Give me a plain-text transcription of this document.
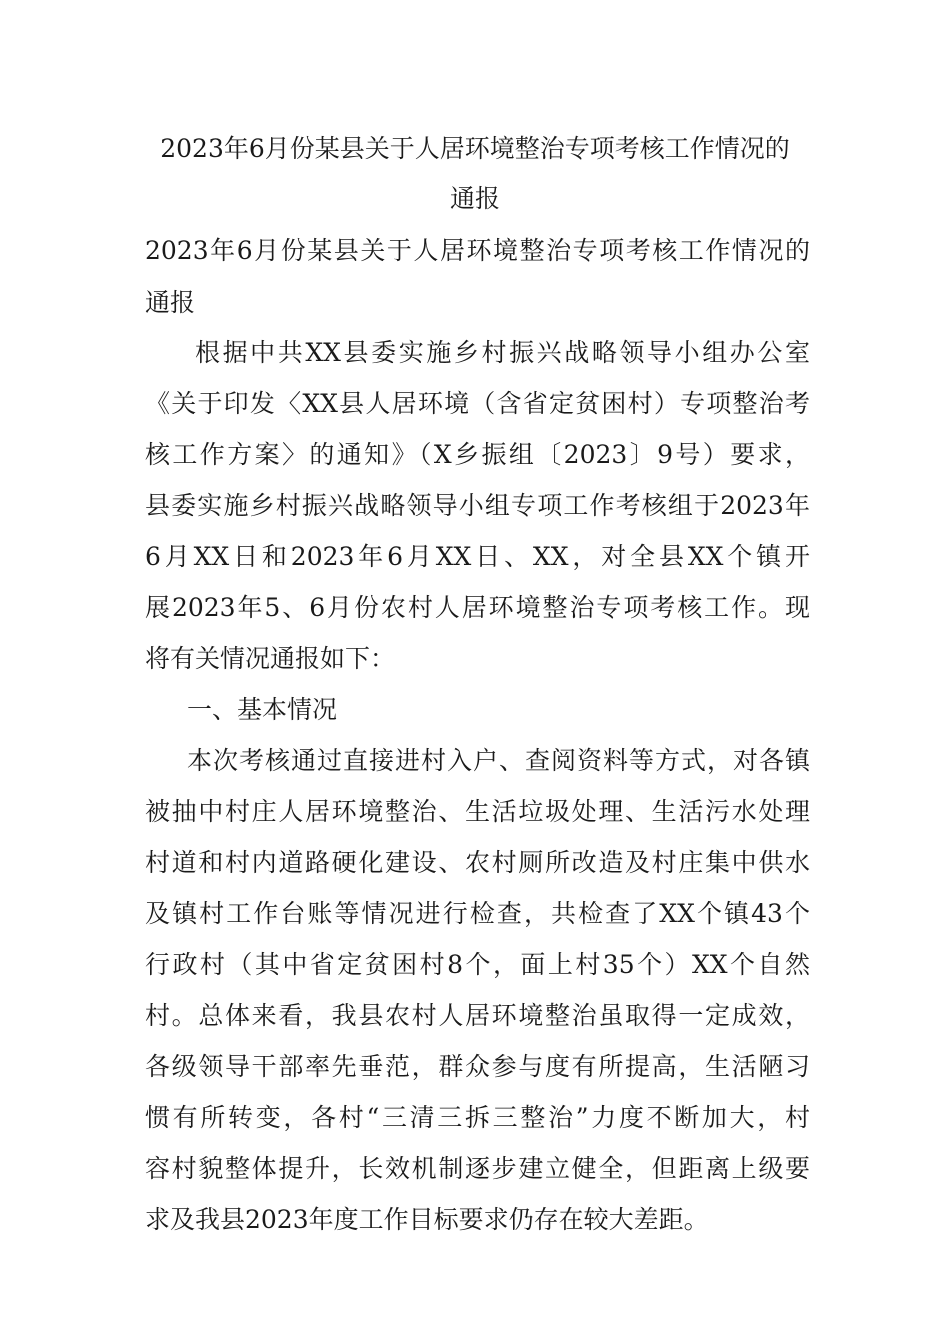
2023年6月份某县关于人居环境整治专项考核工作情况的
通报
2023年6月份某县关于人居环境整治专项考核工作情况的
通报
根据中共XX县委实施乡村振兴战略领导小组办公室
《关于印发〈XX县人居环境（含省定贫困村）专项整治考
核工作方案〉的通知》（X乡振组〔2023〕9号）要求，
县委实施乡村振兴战略领导小组专项工作考核组于2023年
6月XX日和2023年6月XX日、XX，对全县XX个镇开
展2023年5、6月份农村人居环境整治专项考核工作。现
将有关情况通报如下：
一、基本情况
本次考核通过直接进村入户、查阅资料等方式，对各镇
被抽中村庄人居环境整治、生活垃圾处理、生活污水处理
村道和村内道路硬化建设、农村厕所改造及村庄集中供水
及镇村工作台账等情况进行检查，共检查了XX个镇43个
行政村（其中省定贫困村8个，面上村35个）XX个自然
村。总体来看，我县农村人居环境整治虽取得一定成效，
各级领导干部率先垂范，群众参与度有所提高，生活陋习
惯有所转变，各村“三清三拆三整治”力度不断加大，村
容村貌整体提升，长效机制逐步建立健全，但距离上级要
求及我县2023年度工作目标要求仍存在较大差距。
